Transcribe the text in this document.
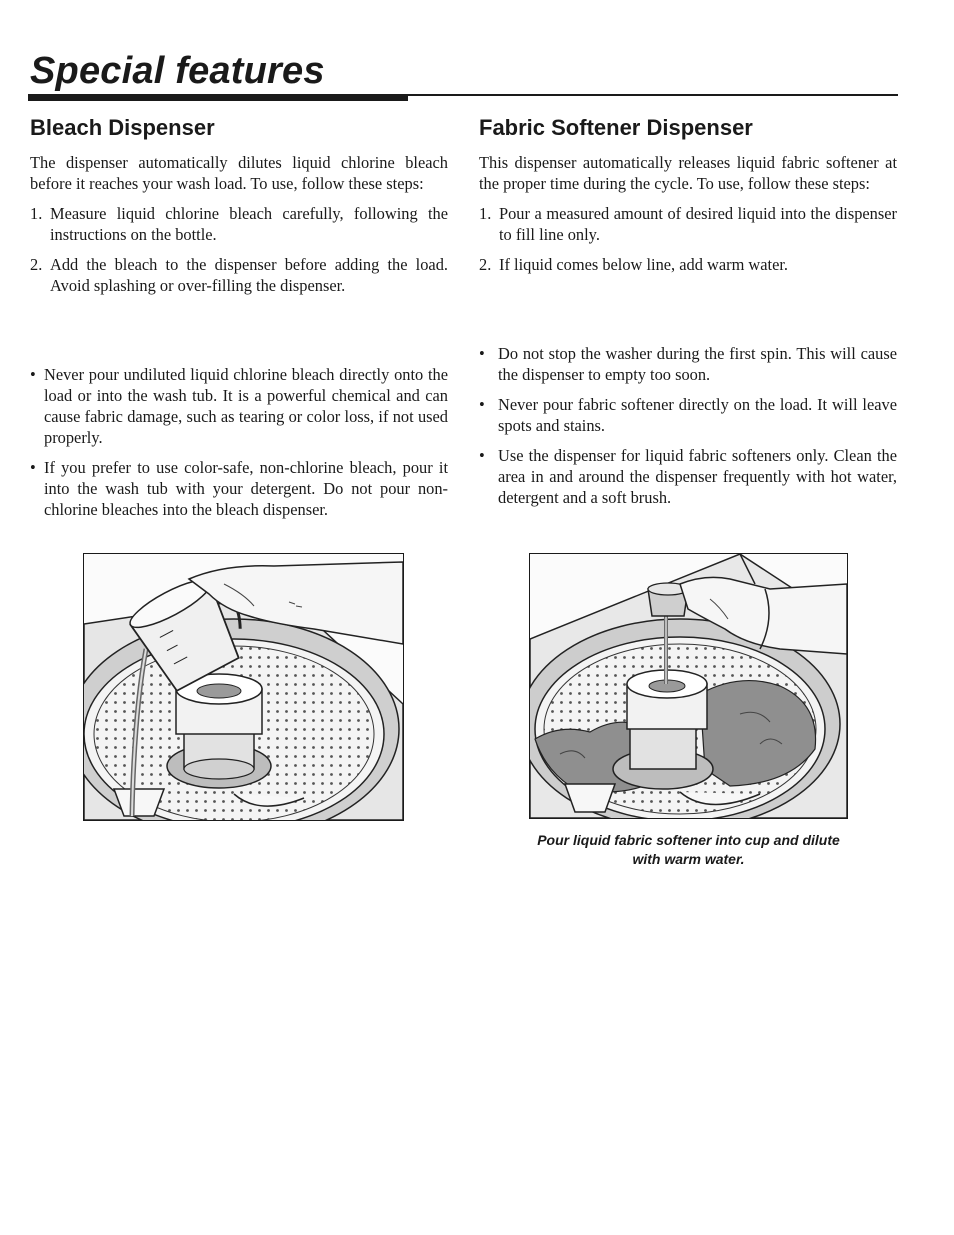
Special features
Bleach Dispenser

The dispenser automatically dilutes liquid chlorine bleach before it reaches your wash load. To use, follow these steps:

1. Measure liquid chlorine bleach carefully, following the instructions on the bottle.
2. Add the bleach to the dispenser before adding the load. Avoid splashing or over-filling the dispenser.
• Never pour undiluted liquid chlorine bleach directly onto the load or into the wash tub. It is a powerful chemical and can cause fabric damage, such as tearing or color loss, if not used properly.
• If you prefer to use color-safe, non-chlorine bleach, pour it into the wash tub with your detergent. Do not pour non-chlorine bleaches into the bleach dispenser.
Fabric Softener Dispenser

This dispenser automatically releases liquid fabric softener at the proper time during the cycle. To use, follow these steps:

1. Pour a measured amount of desired liquid into the dispenser to fill line only.
2. If liquid comes below line, add warm water.
• Do not stop the washer during the first spin. This will cause the dispenser to empty too soon.
• Never pour fabric softener directly on the load. It will leave spots and stains.
• Use the dispenser for liquid fabric softeners only. Clean the area in and around the dispenser frequently with hot water, detergent and a soft brush.

Pour liquid fabric softener into cup and dilute with warm water.
